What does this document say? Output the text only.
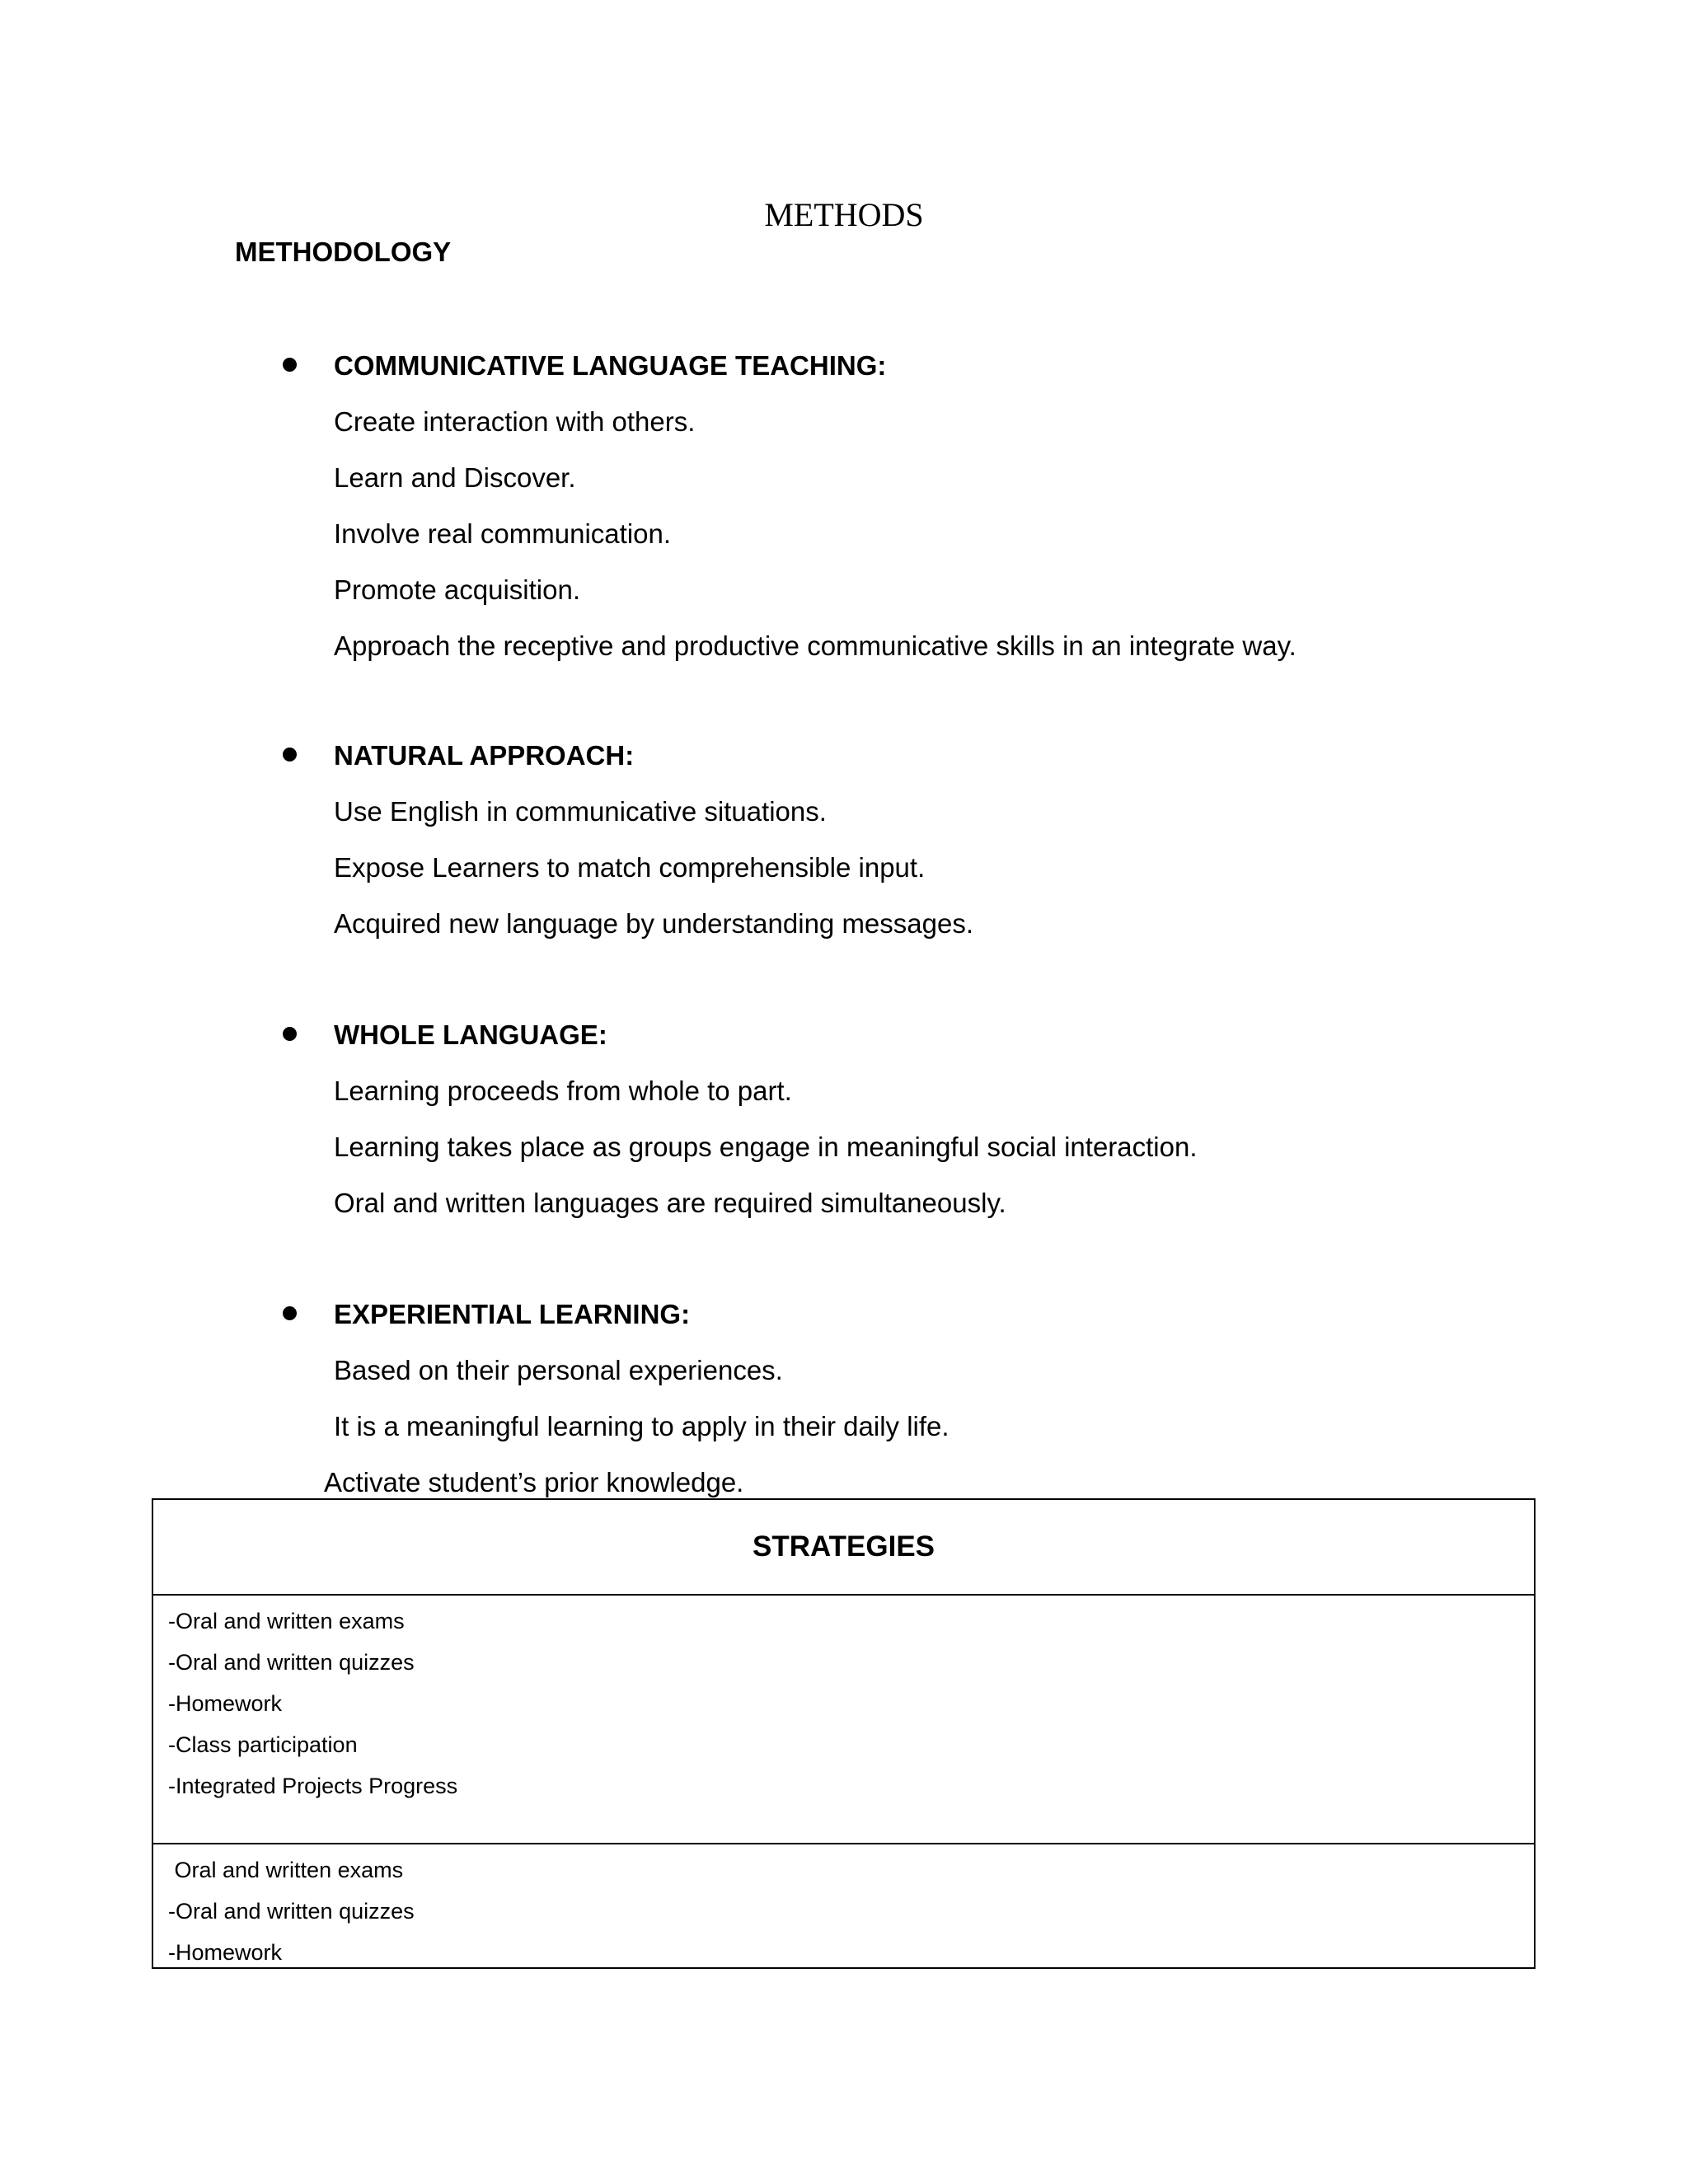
METHODS
METHODOLOGY
COMMUNICATIVE LANGUAGE TEACHING:
Create interaction with others.
Learn and Discover.
Involve real communication.
Promote acquisition.
Approach the receptive and productive communicative skills in an integrate way.
NATURAL APPROACH:
Use English in communicative situations.
Expose Learners to match comprehensible input.
Acquired new language by understanding messages.
WHOLE LANGUAGE:
Learning proceeds from whole to part.
Learning takes place as groups engage in meaningful social interaction.
Oral and written languages are required simultaneously.
EXPERIENTIAL LEARNING:
Based on their personal experiences.
It is a meaningful learning to apply in their daily life.
Activate student’s prior knowledge.
STRATEGIES
-Oral and written exams
-Oral and written quizzes
-Homework
-Class participation
-Integrated Projects Progress
Oral and written exams
-Oral and written quizzes
-Homework
